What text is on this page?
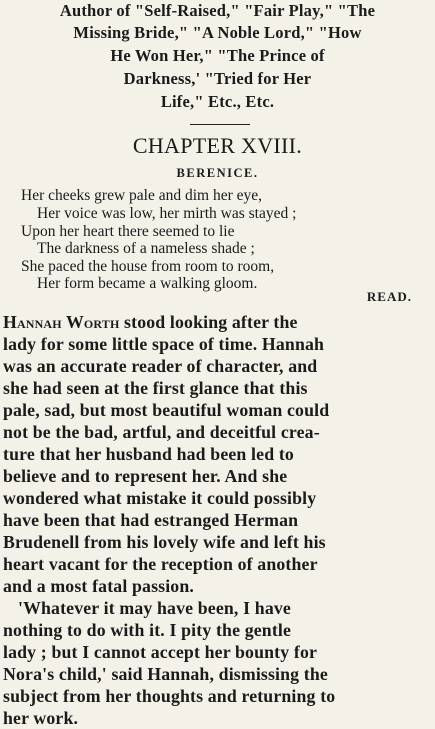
Author of "Self-Raised," "Fair Play," "The
Missing Bride," "A Noble Lord," "How
He Won Her," "The Prince of
Darkness,' "Tried for Her
Life," Etc., Etc.
CHAPTER XVIII.
BERENICE.
Her cheeks grew pale and dim her eye,
Her voice was low, her mirth was stayed ;
Upon her heart there seemed to lie
The darkness of a nameless shade ;
She paced the house from room to room,
Her form became a walking gloom.
READ.
Hannah Worth stood looking after the
lady for some little space of time. Hannah
was an accurate reader of character, and
she had seen at the first glance that this
pale, sad, but most beautiful woman could
not be the bad, artful, and deceitful crea-
ture that her husband had been led to
believe and to represent her. And she
wondered what mistake it could possibly
have been that had estranged Herman
Brudenell from his lovely wife and left his
heart vacant for the reception of another
and a most fatal passion.
'Whatever it may have been, I have
nothing to do with it. I pity the gentle
lady ; but I cannot accept her bounty for
Nora's child,' said Hannah, dismissing the
subject from her thoughts and returning to
her work.
